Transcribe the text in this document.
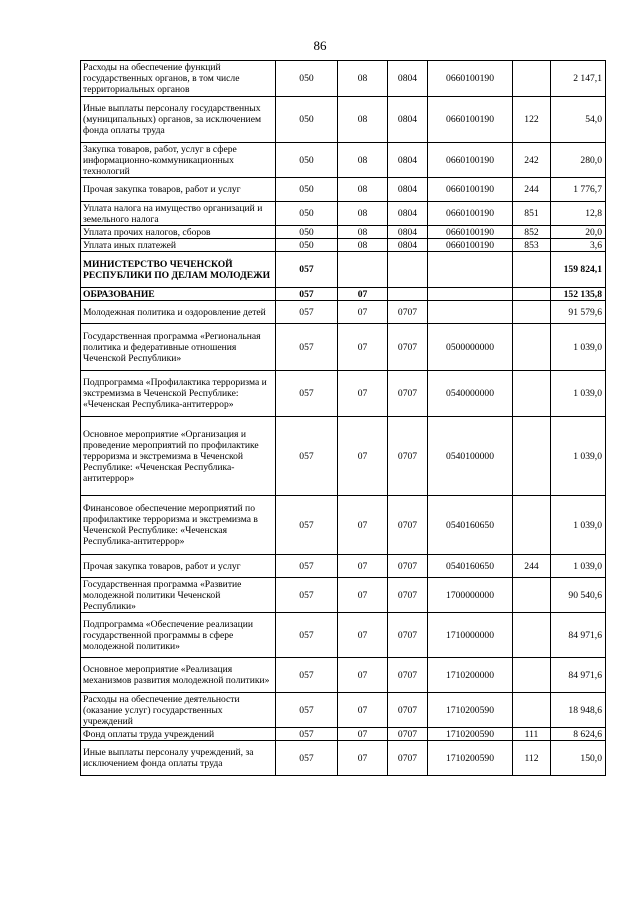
86
Расходы на обеспечение функций государственных органов, в том числе территориальных органов	050	08	0804	0660100190		2 147,1
Иные выплаты персоналу государственных (муниципальных) органов, за исключением фонда оплаты труда	050	08	0804	0660100190	122	54,0
Закупка товаров, работ, услуг в сфере информационно-коммуникационных технологий	050	08	0804	0660100190	242	280,0
Прочая закупка товаров, работ и услуг	050	08	0804	0660100190	244	1 776,7
Уплата налога на имущество организаций и земельного налога	050	08	0804	0660100190	851	12,8
Уплата прочих налогов, сборов	050	08	0804	0660100190	852	20,0
Уплата иных платежей	050	08	0804	0660100190	853	3,6
МИНИСТЕРСТВО ЧЕЧЕНСКОЙ РЕСПУБЛИКИ ПО ДЕЛАМ МОЛОДЕЖИ	057					159 824,1
ОБРАЗОВАНИЕ	057	07				152 135,8
Молодежная политика и оздоровление детей	057	07	0707			91 579,6
Государственная программа «Региональная политика и федеративные отношения Чеченской Республики»	057	07	0707	0500000000		1 039,0
Подпрограмма «Профилактика терроризма и экстремизма в Чеченской Республике: «Чеченская Республика-антитеррор»	057	07	0707	0540000000		1 039,0
Основное мероприятие «Организация и проведение мероприятий по профилактике терроризма и экстремизма в Чеченской Республике: «Чеченская Республика-антитеррор»	057	07	0707	0540100000		1 039,0
Финансовое обеспечение мероприятий по профилактике терроризма и экстремизма в Чеченской Республике: «Чеченская Республика-антитеррор»	057	07	0707	0540160650		1 039,0
Прочая закупка товаров, работ и услуг	057	07	0707	0540160650	244	1 039,0
Государственная программа «Развитие молодежной политики Чеченской Республики»	057	07	0707	1700000000		90 540,6
Подпрограмма «Обеспечение реализации государственной программы в сфере молодежной политики»	057	07	0707	1710000000		84 971,6
Основное мероприятие «Реализация механизмов развития молодежной политики»	057	07	0707	1710200000		84 971,6
Расходы на обеспечение деятельности (оказание услуг) государственных учреждений	057	07	0707	1710200590		18 948,6
Фонд оплаты труда учреждений	057	07	0707	1710200590	111	8 624,6
Иные выплаты персоналу учреждений, за исключением фонда оплаты труда	057	07	0707	1710200590	112	150,0
